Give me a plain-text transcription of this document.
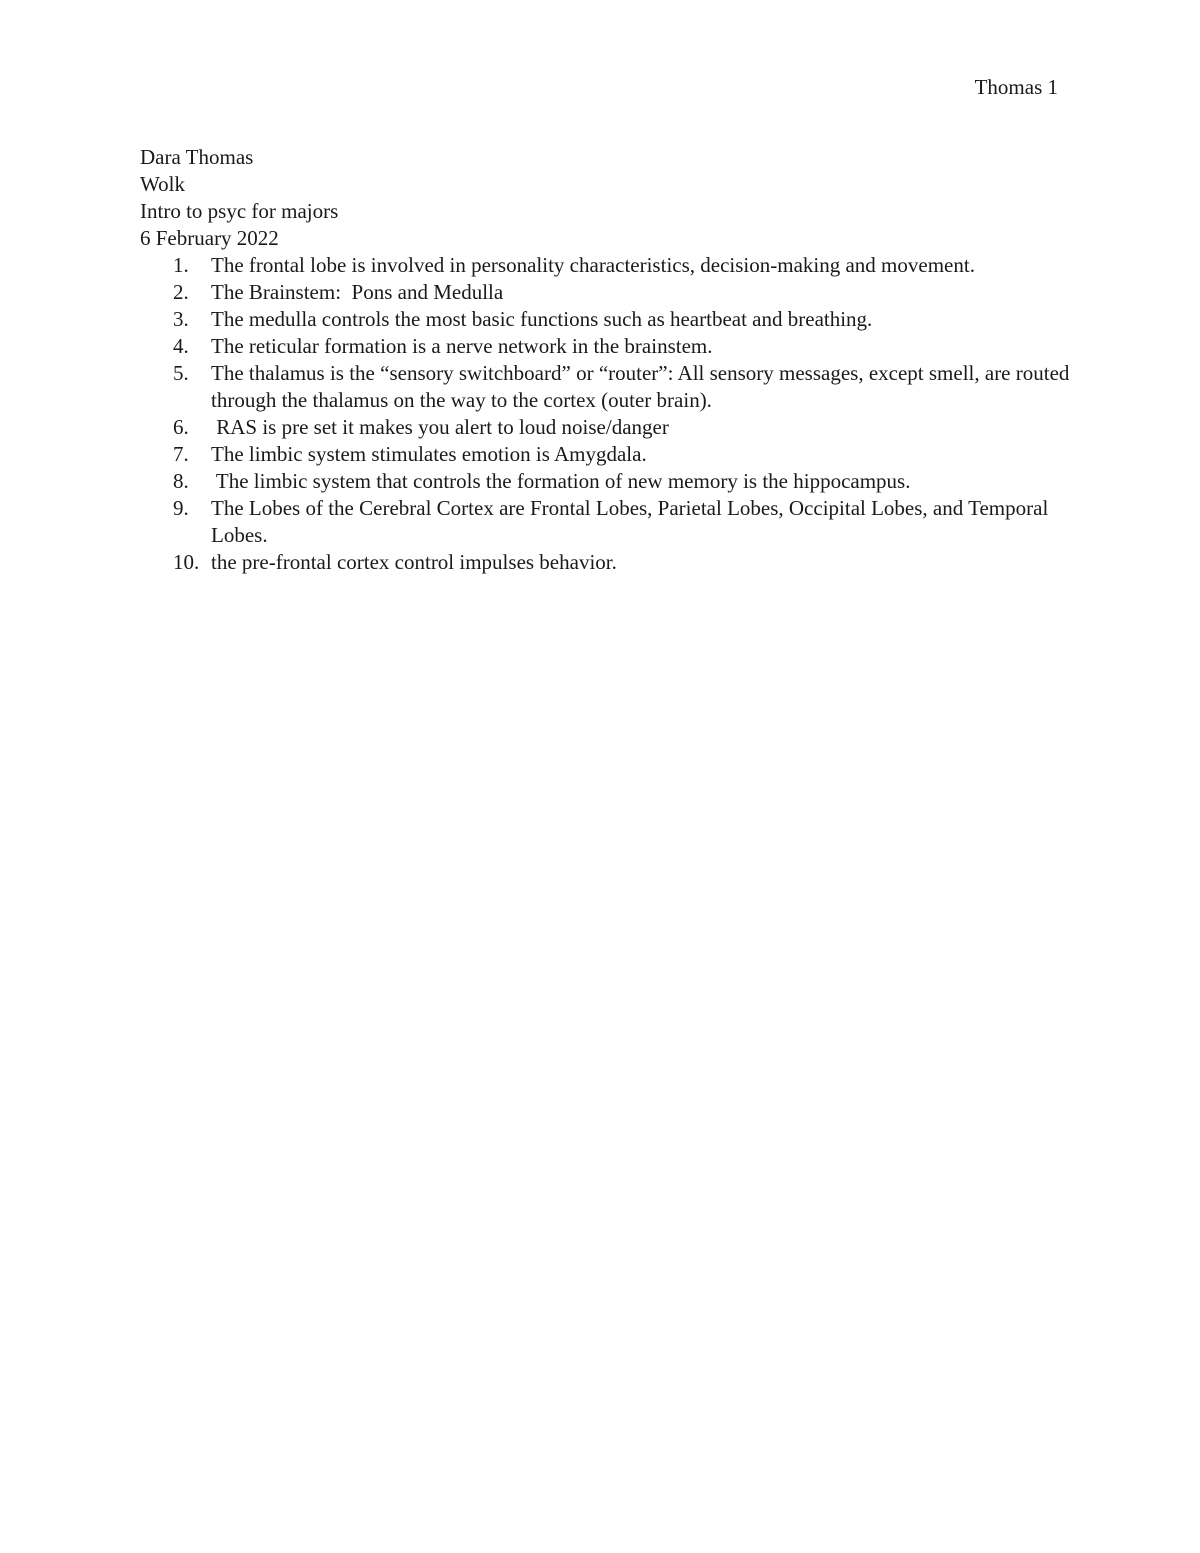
Thomas 1
Dara Thomas
Wolk
Intro to psyc for majors
6 February 2022
1. The frontal lobe is involved in personality characteristics, decision-making and movement.
2. The Brainstem:  Pons and Medulla
3. The medulla controls the most basic functions such as heartbeat and breathing.
4. The reticular formation is a nerve network in the brainstem.
5. The thalamus is the “sensory switchboard” or “router”: All sensory messages, except smell, are routed through the thalamus on the way to the cortex (outer brain).
6. RAS is pre set it makes you alert to loud noise/danger
7. The limbic system stimulates emotion is Amygdala.
8. The limbic system that controls the formation of new memory is the hippocampus.
9. The Lobes of the Cerebral Cortex are Frontal Lobes, Parietal Lobes, Occipital Lobes, and Temporal Lobes.
10. the pre-frontal cortex control impulses behavior.
